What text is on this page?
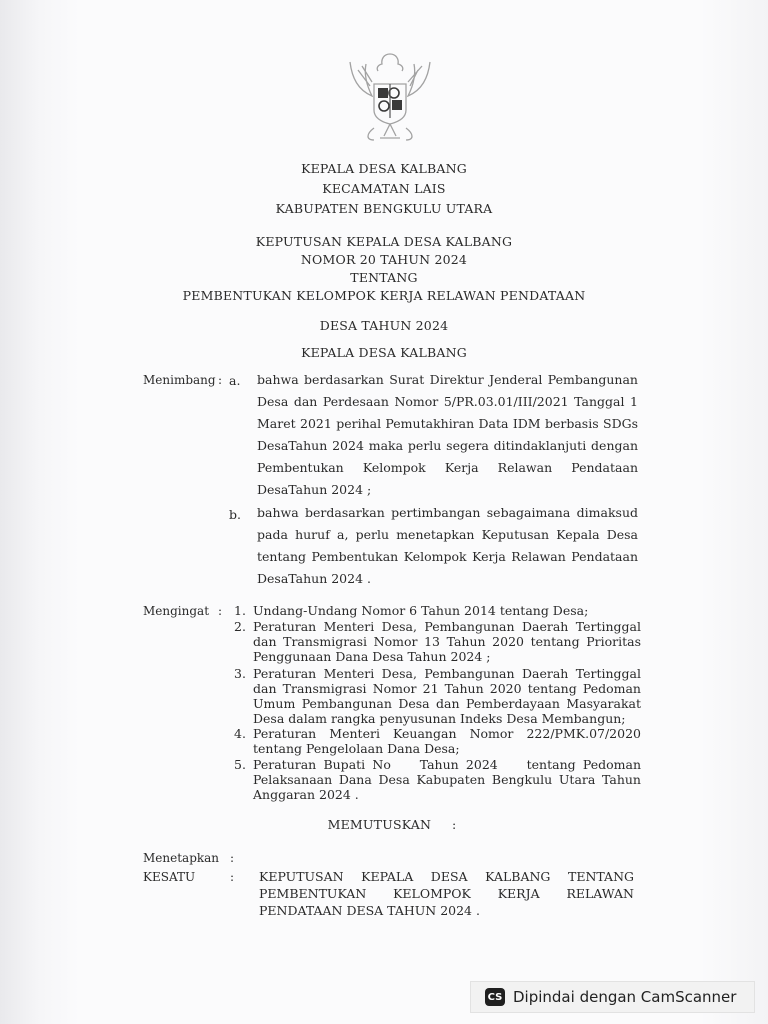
KEPALA DESA KALBANG
KECAMATAN LAIS
KABUPATEN BENGKULU UTARA
KEPUTUSAN KEPALA DESA KALBANG
NOMOR 20 TAHUN 2024
TENTANG
PEMBENTUKAN KELOMPOK KERJA RELAWAN PENDATAAN
DESA TAHUN 2024
KEPALA DESA KALBANG
Menimbang : a. bahwa berdasarkan Surat Direktur Jenderal Pembangunan Desa dan Perdesaan Nomor 5/PR.03.01/III/2021 Tanggal 1 Maret 2021 perihal Pemutakhiran Data IDM berbasis SDGs DesaTahun 2024 maka perlu segera ditindaklanjuti dengan Pembentukan Kelompok Kerja Relawan Pendataan DesaTahun 2024 ;
b. bahwa berdasarkan pertimbangan sebagaimana dimaksud pada huruf a, perlu menetapkan Keputusan Kepala Desa tentang Pembentukan Kelompok Kerja Relawan Pendataan DesaTahun 2024 .
Mengingat : 1. Undang-Undang Nomor 6 Tahun 2014 tentang Desa;
2. Peraturan Menteri Desa, Pembangunan Daerah Tertinggal dan Transmigrasi Nomor 13 Tahun 2020 tentang Prioritas Penggunaan Dana Desa Tahun 2024 ;
3. Peraturan Menteri Desa, Pembangunan Daerah Tertinggal dan Transmigrasi Nomor 21 Tahun 2020 tentang Pedoman Umum Pembangunan Desa dan Pemberdayaan Masyarakat Desa dalam rangka penyusunan Indeks Desa Membangun;
4. Peraturan Menteri Keuangan Nomor 222/PMK.07/2020 tentang Pengelolaan Dana Desa;
5. Peraturan Bupati No    Tahun 2024    tentang Pedoman Pelaksanaan Dana Desa Kabupaten Bengkulu Utara Tahun Anggaran 2024 .
MEMUTUSKAN     :
Menetapkan :
KESATU	: KEPUTUSAN KEPALA DESA KALBANG TENTANG PEMBENTUKAN KELOMPOK KERJA RELAWAN PENDATAAN DESA TAHUN 2024 .
CS Dipindai dengan CamScanner
